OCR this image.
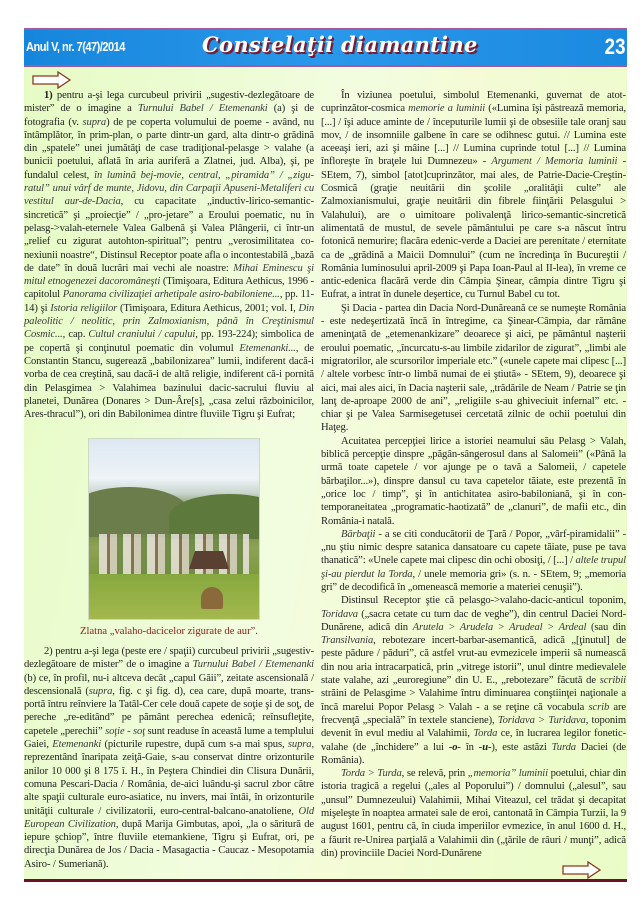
Anul V, nr. 7(47)/2014	Constelaţii diamantine	23

1) pentru a-şi lega curcubeul privirii „sugestiv-dezlegătoare de mister” de o imagine a Turnului Babel / Etemenanki (a) şi de fotografia (v. supra) de pe coperta volumului de poeme - având, nu întâmplător, în prim-plan, o parte dintr-un gard, alta dintr-o grădină din „spatele” unei jumătăţi de case tradiţional-pelasge > valahe (a bunicii poetului, aflată în aria auriferă a Zlatnei, jud. Alba), şi, pe fundalul celest, în lumină bej-movie, central, „piramida” / „ziguratul” unui vârf de munte, Jidovu, din Carpaţii Apuseni-Metaliferi cu vestitul aur-de-Dacia, cu capacitate „inductiv-lirico-semantic-sincretică” şi „proiecţie” / „pro-jetare” a Eroului poematic, nu în pelasg->valah-eternele Valea Galbenă şi Valea Plângerii, ci într-un „relief cu zigurat autohton-spiritual”; pentru „verosimilitatea conexiunii noastre“, Distinsul Receptor poate afla o incontestabilă „bază de date” în două lucrări mai vechi ale noastre: Mihai Eminescu şi mitul etnogenezei dacoromâneşti (Timişoara, Editura Aethicus, 1996 - capitolul Panorama civilizaţiei arhetipale asiro-babiloniene..., pp. 11-14) şi Istoria religiilor (Timişoara, Editura Aethicus, 2001; vol. I, Din paleolitic / neolitic, prin Zalmoxianism, până în Creştinismul Cosmic..., cap. Cultul craniului / capului, pp. 193-224); simbolica de pe copertă şi conţinutul poematic din volumul Etemenanki..., de Constantin Stancu, sugerează „babilonizarea” lumii, indiferent dacă-i vorba de cea creştină, sau dacă-i de altă religie, indiferent că-i pornită din Pelasgimea > Valahimea bazinului dacic-sacrului fluviu al planetei, Dunărea (Donares > Dun-Âre[s], „casa zelui războinicilor, Ares-thracul”), ori din Babilonimea dintre fluviile Tigru şi Eufrat;

Zlatna „valaho-dacicelor zigurate de aur”.

2) pentru a-şi lega (peste ere / spaţii) curcubeul privirii „sugestiv-dezlegătoare de mister” de o imagine a Turnului Babel / Etemenanki (b) ce, în profil, nu-i altceva decât „capul Găii”, zeitate ascensională / descensională (supra, fig. c şi fig. d), cea care, după moarte, transportă întru reînviere la Tatăl-Cer cele două capete de soţie şi de soţ, de pereche „re-editând” pe pământ perechea edenică; reînsufleţite, capetele „perechii” soţie - soţ sunt readuse în această lume a templului Gaiei, Etemenanki (picturile rupestre, după cum s-a mai spus, supra, reprezentând înaripata zeiţă-Gaie, s-au conservat dintre orizonturile anilor 10 000 şi 8 175 î. H., în Peştera Chindiei din Clisura Dunării, comuna Pescari-Dacia / România, de-aici luându-şi sacrul zbor către alte spaţii culturale euro-asiatice, nu invers, mai întâi, în orizonturile unităţii culturale / civilizatorii, euro-central-balcano-anatoliene, Old European Civilization, după Marija Gimbutas, apoi, „la o săritură de iepure şchiop”, între fluviile etemankiene, Tigru şi Eufrat, ori, pe direcţia Dunărea de Jos / Dacia - Masagactia - Caucaz - Mesopotamia Asiro- / Sumeriană).

În viziunea poetului, simbolul Etemenanki, guvernat de atotcuprinzător-cosmica memorie a luminii («Lumina îşi păstrează memoria, [...] / îşi aduce aminte de / începuturile lumii şi de obsesiile tale oranj sau mov, / de insomniile galbene în care se odihnesc gutui. // Lumina este aceeaşi ieri, azi şi mâine [...] // Lumina cuprinde totul [...] // Lumina înfloreşte în braţele lui Dumnezeu» - Argument / Memoria luminii - SEtem, 7), simbol [atot]cuprinzător, mai ales, de Patrie-Dacie-Creştin-Cosmică (graţie neuitării din şcolile „oralităţii culte” ale Zalmoxianismului, graţie neuitării din fibrele fiinţării Pelasgului > Valahului), are o uimitoare polivalenţă lirico-semantic-sincretică alimentată de mustul, de sevele pământului pe care s-a născut întru fotonică nemurire; flacăra edenic-verde a Daciei are perenitate / eternitate ca de „grădină a Maicii Domnului” (cum ne încredinţa în Bucureştii / România luminosului april-2009 şi Papa Ioan-Paul al II-lea), în vreme ce antic-edenica flacără verde din Câmpia Şinear, câmpia dintre Tigru şi Eufrat, a intrat în dunele deşertice, cu Turnul Babel cu tot.

Şi Dacia - partea din Dacia Nord-Dunăreană ce se numeşte România - este nedeşertizată încă în întregime, ca Şinear-Câmpia, dar rămâne ameninţată de „etemenankizare” deoarece şi aici, pe pământul naşterii eroului poematic, „încurcatu-s-au limbile zidarilor de zigurat”, „limbi ale migratorilor, ale scursorilor imperiale etc.” («unele capete mai clipesc [...] / altele vorbesc într-o limbă numai de ei ştiută» - SEtem, 9), deoarece şi aici, mai ales aici, în Dacia naşterii sale, „trădările de Neam / Patrie se ţin lanţ de-aproape 2000 de ani”, „religiile s-au ghiveciuit infernal” etc. - chiar şi pe Valea Sarmisegetusei cercetată zilnic de ochii poetului din Haţeg.

Acuitatea percepţiei lirice a istoriei neamului său Pelasg > Valah, biblică percepţie dinspre „păgân-sângerosul dans al Salomeii” («Până la urmă toate capetele / vor ajunge pe o tavă a Salomeii, / capetele bărbaţilor...»), dinspre dansul cu tava capetelor tăiate, este prezentă în „orice loc / timp”, şi în antichitatea asiro-babiloniană, şi în contemporaneitatea „programatic-haotizată” de „clanuri”, de mafii etc., din România-i natală.

Bărbaţii - a se citi conducătorii de Ţară / Popor, „vârf-piramidalii” - „nu ştiu nimic despre satanica dansatoare cu capete tăiate, puse pe tava thanatică”: «Unele capete mai clipesc din ochi obosiţi, / [...] / altele trupul şi-au pierdut la Torda, / unele memoria gri» (s. n. - SEtem, 9; „memoria gri” de decodifică în „omenească memorie a materiei cenuşii”).

Distinsul Receptor ştie că pelasgo->valaho-dacic-anticul toponim, Toridava („sacra cetate cu turn dac de veghe”), din centrul Daciei Nord-Dunărene, adică din Arutela > Arudela > Arudeal > Ardeal (sau din Transilvania, rebotezare incert-barbar-asemantică, adică „[ţinutul] de peste pădure / păduri”, că astfel vrut-au evmezicele imperii să numească din nou aria intracarpatică, prin „vitrege istorii”, unul dintre medievalele state valahe, azi „euroregiune” din U. E., „rebotezare” făcută de scribii străini de Pelasgime > Valahime întru diminuarea conştiinţei naţionale a încă marelui Popor Pelasg > Valah - a se reţine că vocabula scrib are frecvenţă „specială” în textele stanciene), Toridava > Turidava, toponim devenit în evul mediu al Valahimii, Torda ce, în lucrarea legilor fonetic-valahe (de „închidere” a lui -o- în -u-), este astăzi Turda Daciei (de România).

Torda > Turda, se relevă, prin „memoria” luminii poetului, chiar din istoria tragică a regelui („ales al Poporului”) / domnului („alesul”, sau „unsul” Dumnezeului) Valahimii, Mihai Viteazul, cel trădat şi decapitat mişeleşte în noaptea armatei sale de eroi, cantonată în Câmpia Turzii, la 9 august 1601, pentru că, în ciuda imperiilor evmezice, în anul 1600 d. H., a făurit re-Unirea parţială a Valahimii din („ţările de râuri / munţi”, adică din) provinciile Daciei Nord-Dunărene
